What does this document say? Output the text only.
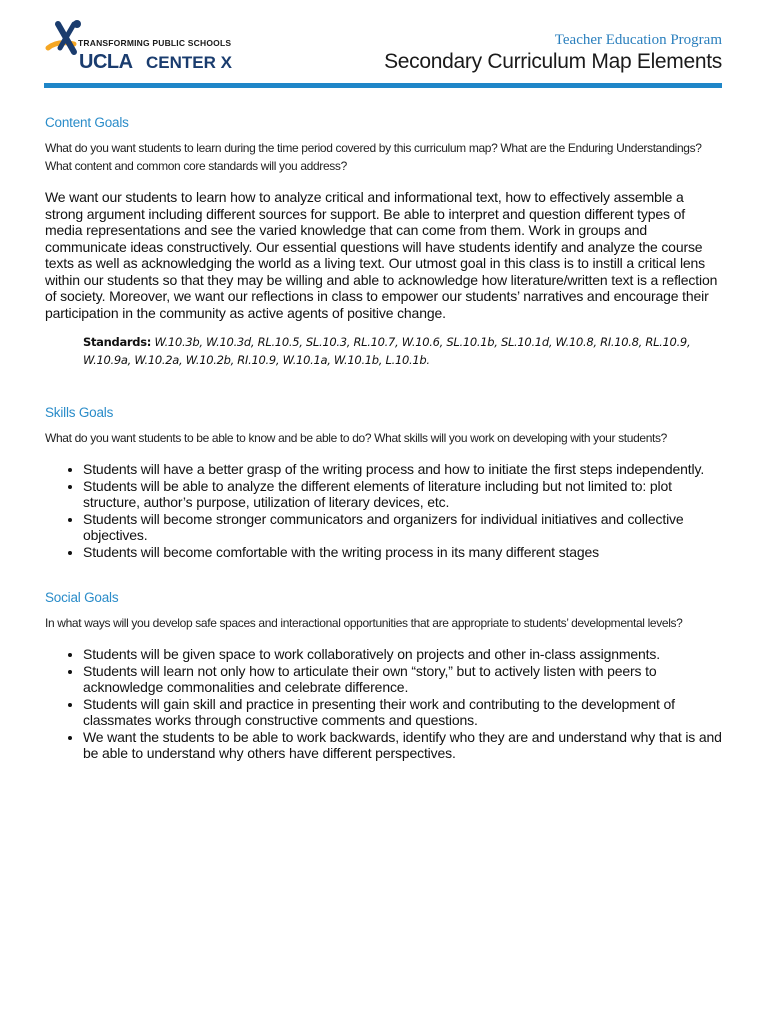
TRANSFORMING PUBLIC SCHOOLS
UCLA CENTER X
Teacher Education Program
Secondary Curriculum Map Elements
Content Goals

What do you want students to learn during the time period covered by this curriculum map? What are the Enduring Understandings? What content and common core standards will you address?

We want our students to learn how to analyze critical and informational text, how to effectively assemble a strong argument including different sources for support. Be able to interpret and question different types of media representations and see the varied knowledge that can come from them. Work in groups and communicate ideas constructively. Our essential questions will have students identify and analyze the course texts as well as acknowledging the world as a living text. Our utmost goal in this class is to instill a critical lens within our students so that they may be willing and able to acknowledge how literature/written text is a reflection of society. Moreover, we want our reflections in class to empower our students’ narratives and encourage their participation in the community as active agents of positive change.

Standards: W.10.3b, W.10.3d, RL.10.5, SL.10.3, RL.10.7, W.10.6, SL.10.1b, SL.10.1d, W.10.8, RI.10.8, RL.10.9, W.10.9a, W.10.2a, W.10.2b, RI.10.9, W.10.1a, W.10.1b, L.10.1b.

Skills Goals

What do you want students to be able to know and be able to do? What skills will you work on developing with your students?

• Students will have a better grasp of the writing process and how to initiate the first steps independently.
• Students will be able to analyze the different elements of literature including but not limited to: plot structure, author’s purpose, utilization of literary devices, etc.
• Students will become stronger communicators and organizers for individual initiatives and collective objectives.
• Students will become comfortable with the writing process in its many different stages
Social Goals

In what ways will you develop safe spaces and interactional opportunities that are appropriate to students’ developmental levels?

• Students will be given space to work collaboratively on projects and other in-class assignments.
• Students will learn not only how to articulate their own “story,” but to actively listen with peers to acknowledge commonalities and celebrate difference.
• Students will gain skill and practice in presenting their work and contributing to the development of classmates works through constructive comments and questions.
• We want the students to be able to work backwards, identify who they are and understand why that is and be able to understand why others have different perspectives.
